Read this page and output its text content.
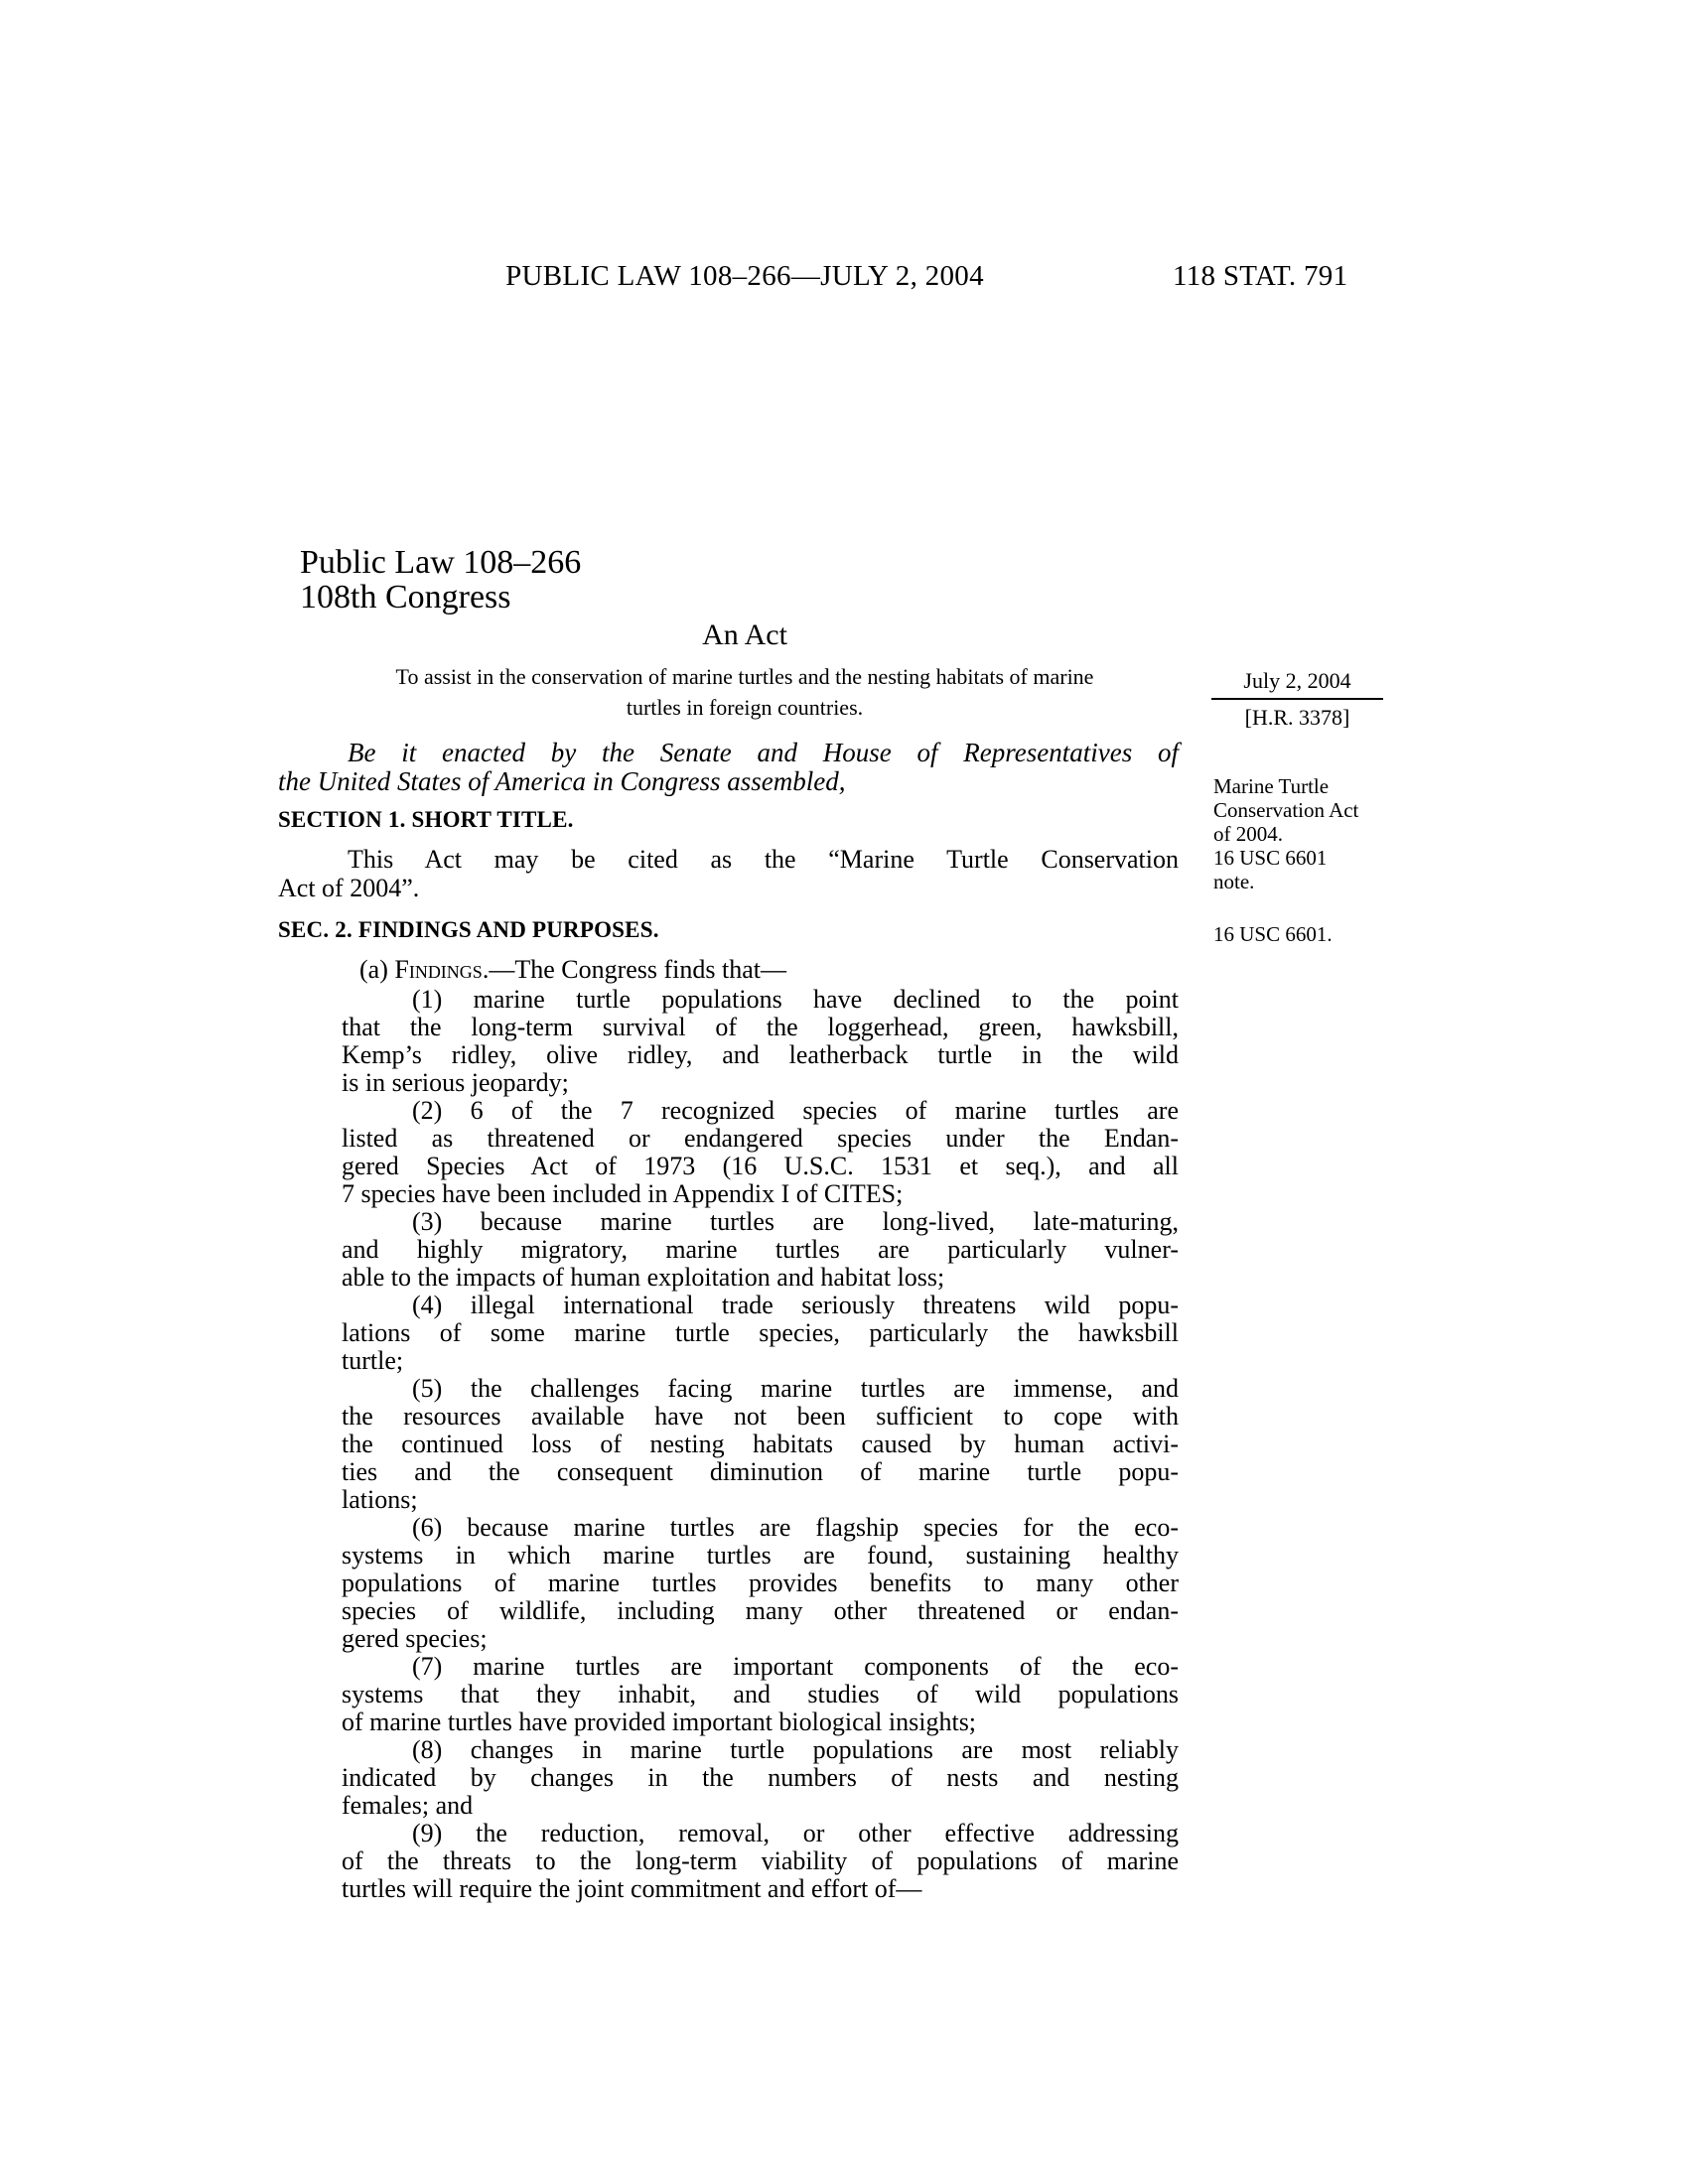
PUBLIC LAW 108–266—JULY 2, 2004	118 STAT. 791
Public Law 108–266
108th Congress
An Act
To assist in the conservation of marine turtles and the nesting habitats of marine
turtles in foreign countries.
July 2, 2004
[H.R. 3378]
Be it enacted by the Senate and House of Representatives of
the United States of America in Congress assembled,	Marine Turtle
Conservation Act
of 2004.
16 USC 6601
note.
SECTION 1. SHORT TITLE.
This Act may be cited as the “Marine Turtle Conservation
Act of 2004”.
SEC. 2. FINDINGS AND PURPOSES.	16 USC 6601.
(a) Findings.—The Congress finds that—
(1) marine turtle populations have declined to the point
that the long-term survival of the loggerhead, green, hawksbill,
Kemp’s ridley, olive ridley, and leatherback turtle in the wild
is in serious jeopardy;
(2) 6 of the 7 recognized species of marine turtles are
listed as threatened or endangered species under the Endan-
gered Species Act of 1973 (16 U.S.C. 1531 et seq.), and all
7 species have been included in Appendix I of CITES;
(3) because marine turtles are long-lived, late-maturing,
and highly migratory, marine turtles are particularly vulner-
able to the impacts of human exploitation and habitat loss;
(4) illegal international trade seriously threatens wild popu-
lations of some marine turtle species, particularly the hawksbill
turtle;
(5) the challenges facing marine turtles are immense, and
the resources available have not been sufficient to cope with
the continued loss of nesting habitats caused by human activi-
ties and the consequent diminution of marine turtle popu-
lations;
(6) because marine turtles are flagship species for the eco-
systems in which marine turtles are found, sustaining healthy
populations of marine turtles provides benefits to many other
species of wildlife, including many other threatened or endan-
gered species;
(7) marine turtles are important components of the eco-
systems that they inhabit, and studies of wild populations
of marine turtles have provided important biological insights;
(8) changes in marine turtle populations are most reliably
indicated by changes in the numbers of nests and nesting
females; and
(9) the reduction, removal, or other effective addressing
of the threats to the long-term viability of populations of marine
turtles will require the joint commitment and effort of—
